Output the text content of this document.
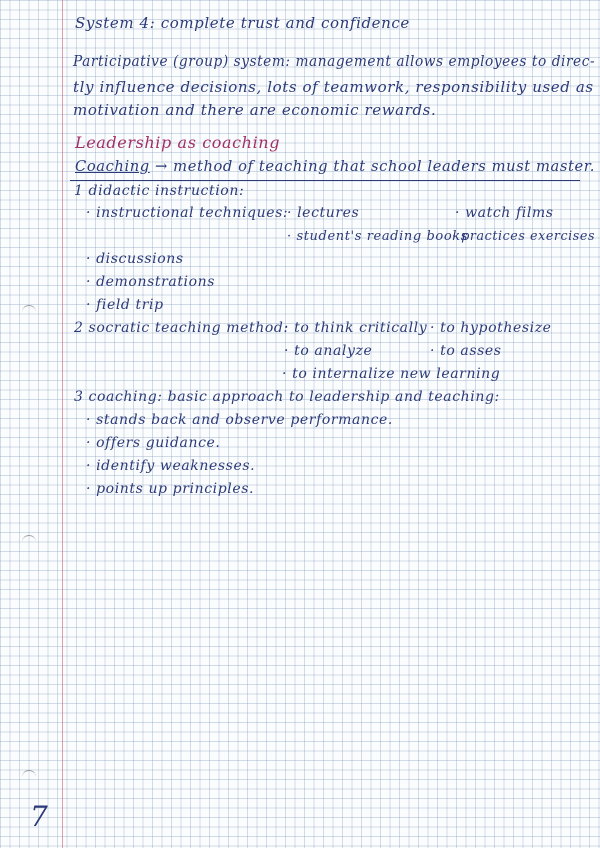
System 4: complete trust and confidence
Participative (group) system: management allows employees to direc-
tly influence decisions, lots of teamwork, responsibility used as
motivation and there are economic rewards.
Leadership as coaching
Coaching → method of teaching that school leaders must master.
1 didactic instruction:
· instructional techniques:
· lectures	· watch films
· student's reading books
· practices exercises
· discussions
· demonstrations
· field trip
2 socratic teaching method:
· to think critically · to hypothesize
· to analyze	· to asses
· to internalize new learning
3 coaching: basic approach to leadership and teaching:
· stands back and observe performance.
· offers guidance.
· identify weaknesses.
· points up principles.
7
